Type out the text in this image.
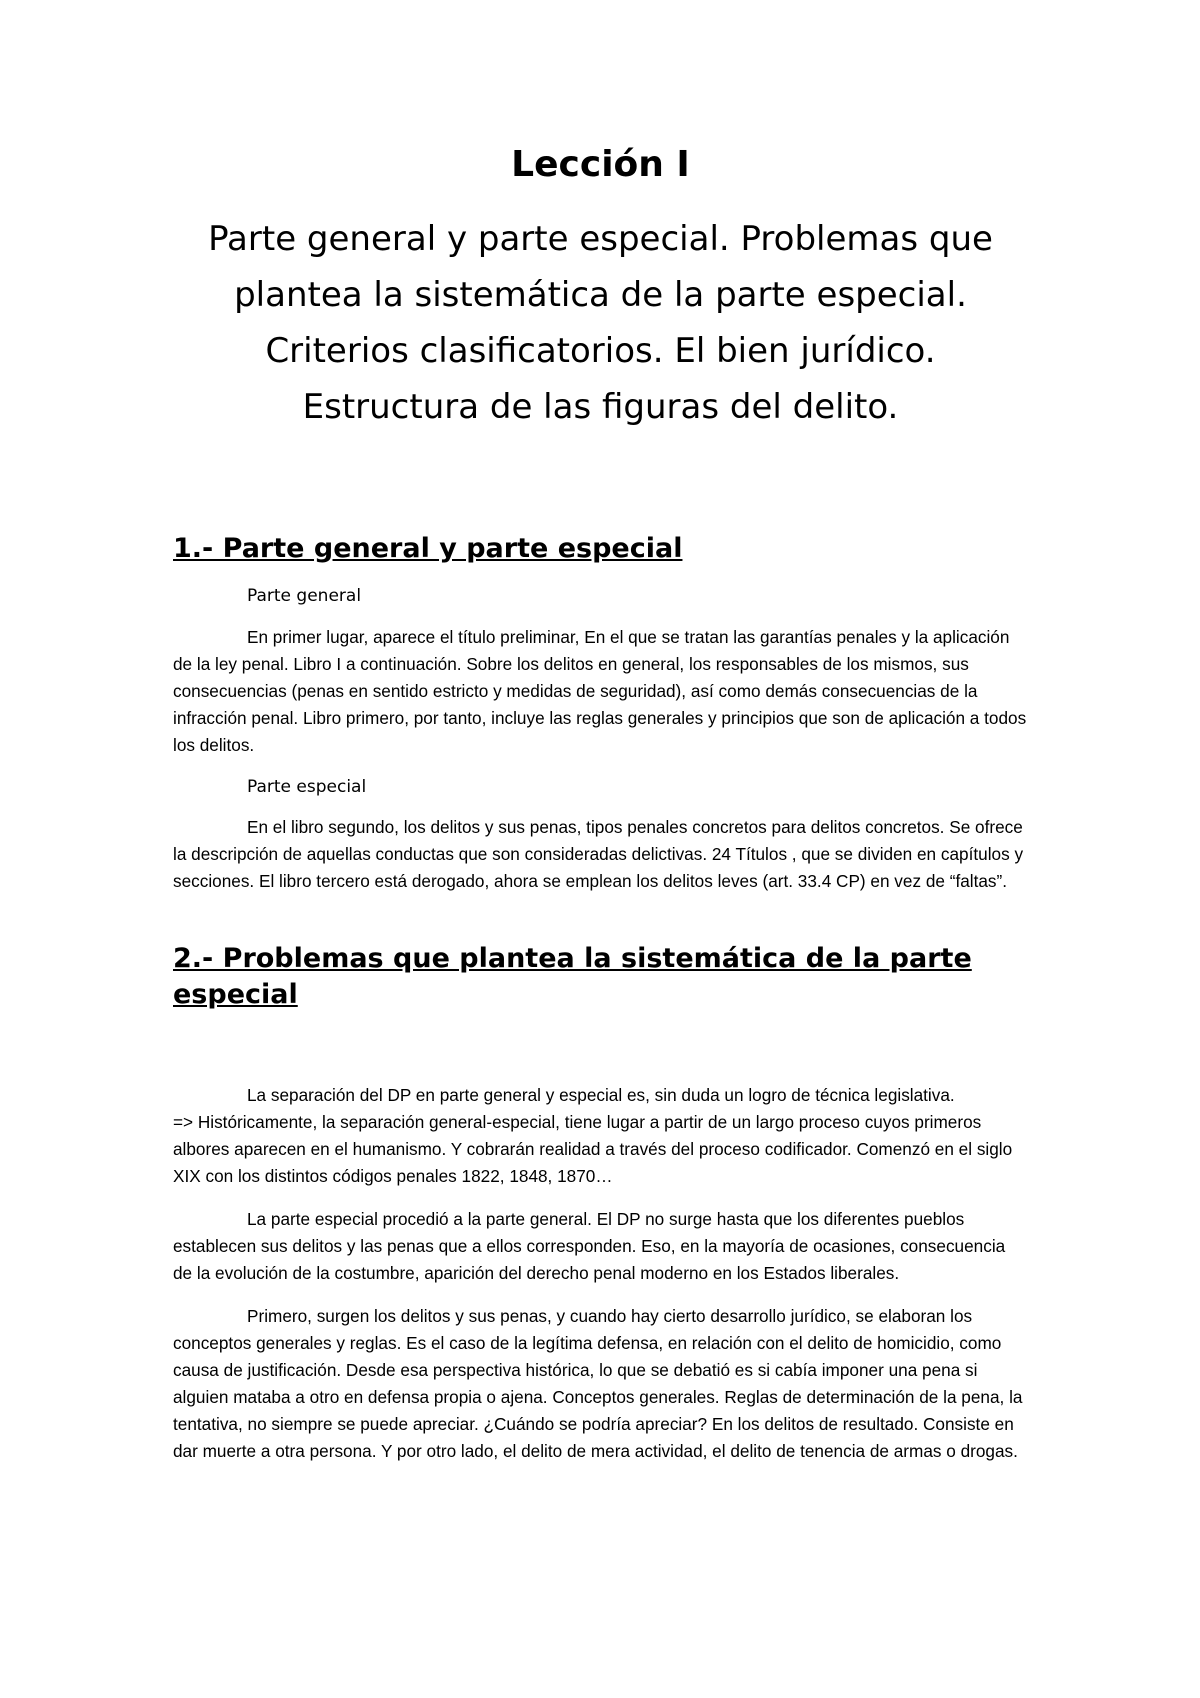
Lección I
Parte general y parte especial. Problemas que
plantea la sistemática de la parte especial.
Criterios clasificatorios. El bien jurídico.
Estructura de las figuras del delito.
1.- Parte general y parte especial
Parte general

En primer lugar, aparece el título preliminar, En el que se tratan las garantías penales y la aplicación de la ley penal. Libro I a continuación. Sobre los delitos en general, los responsables de los mismos, sus consecuencias (penas en sentido estricto y medidas de seguridad), así como demás consecuencias de la infracción penal. Libro primero, por tanto, incluye las reglas generales y principios que son de aplicación a todos los delitos.

Parte especial

En el libro segundo, los delitos y sus penas, tipos penales concretos para delitos concretos. Se ofrece la descripción de aquellas conductas que son consideradas delictivas. 24 Títulos , que se dividen en capítulos y secciones. El libro tercero está derogado, ahora se emplean los delitos leves (art. 33.4 CP) en vez de “faltas”.

2.- Problemas que plantea la sistemática de la parte especial
La separación del DP en parte general y especial es, sin duda un logro de técnica legislativa.
=> Históricamente, la separación general-especial, tiene lugar a partir de un largo proceso cuyos primeros albores aparecen en el humanismo. Y cobrarán realidad a través del proceso codificador. Comenzó en el siglo XIX con los distintos códigos penales 1822, 1848, 1870…

La parte especial procedió a la parte general. El DP no surge hasta que los diferentes pueblos establecen sus delitos y las penas que a ellos corresponden. Eso, en la mayoría de ocasiones, consecuencia de la evolución de la costumbre, aparición del derecho penal moderno en los Estados liberales.

Primero, surgen los delitos y sus penas, y cuando hay cierto desarrollo jurídico, se elaboran los conceptos generales y reglas. Es el caso de la legítima defensa, en relación con el delito de homicidio, como causa de justificación. Desde esa perspectiva histórica, lo que se debatió es si cabía imponer una pena si alguien mataba a otro en defensa propia o ajena. Conceptos generales. Reglas de determinación de la pena, la tentativa, no siempre se puede apreciar. ¿Cuándo se podría apreciar? En los delitos de resultado. Consiste en dar muerte a otra persona. Y por otro lado, el delito de mera actividad, el delito de tenencia de armas o drogas.
